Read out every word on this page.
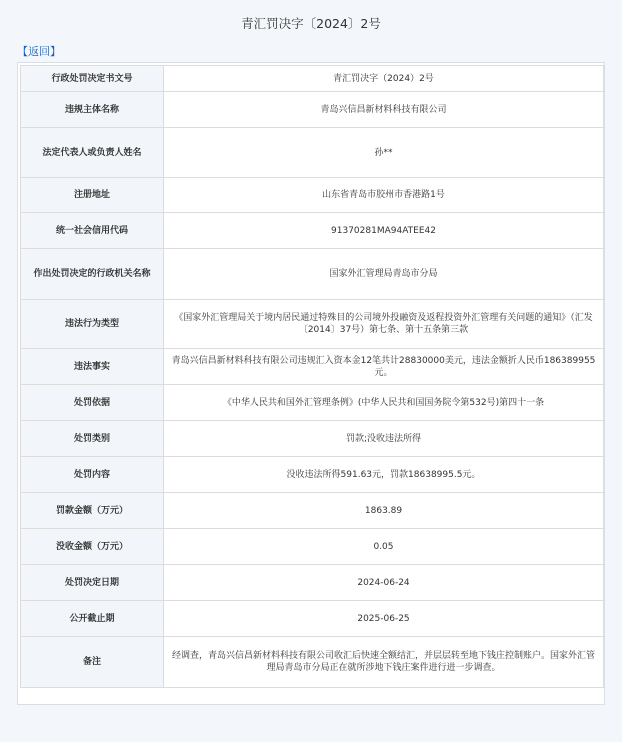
青汇罚决字〔2024〕2号
【返回】
行政处罚决定书文号	青汇罚决字（2024）2号
违规主体名称	青岛兴信昌新材料科技有限公司
法定代表人或负责人姓名	孙**
注册地址	山东省青岛市胶州市香港路1号
统一社会信用代码	91370281MA94ATEE42
作出处罚决定的行政机关名称	国家外汇管理局青岛市分局
违法行为类型	《国家外汇管理局关于境内居民通过特殊目的公司境外投融资及返程投资外汇管理有关问题的通知》（汇发〔2014〕37号）第七条、第十五条第三款
违法事实	青岛兴信昌新材料科技有限公司违规汇入资本金12笔共计28830000美元，违法金额折人民币186389955元。
处罚依据	《中华人民共和国外汇管理条例》(中华人民共和国国务院令第532号)第四十一条
处罚类别	罚款;没收违法所得
处罚内容	没收违法所得591.63元，罚款18638995.5元。
罚款金额（万元）	1863.89
没收金额（万元）	0.05
处罚决定日期	2024-06-24
公开截止期	2025-06-25
备注	经调查，青岛兴信昌新材料科技有限公司收汇后快速全额结汇，并层层转至地下钱庄控制账户。国家外汇管理局青岛市分局正在就所涉地下钱庄案件进行进一步调查。
